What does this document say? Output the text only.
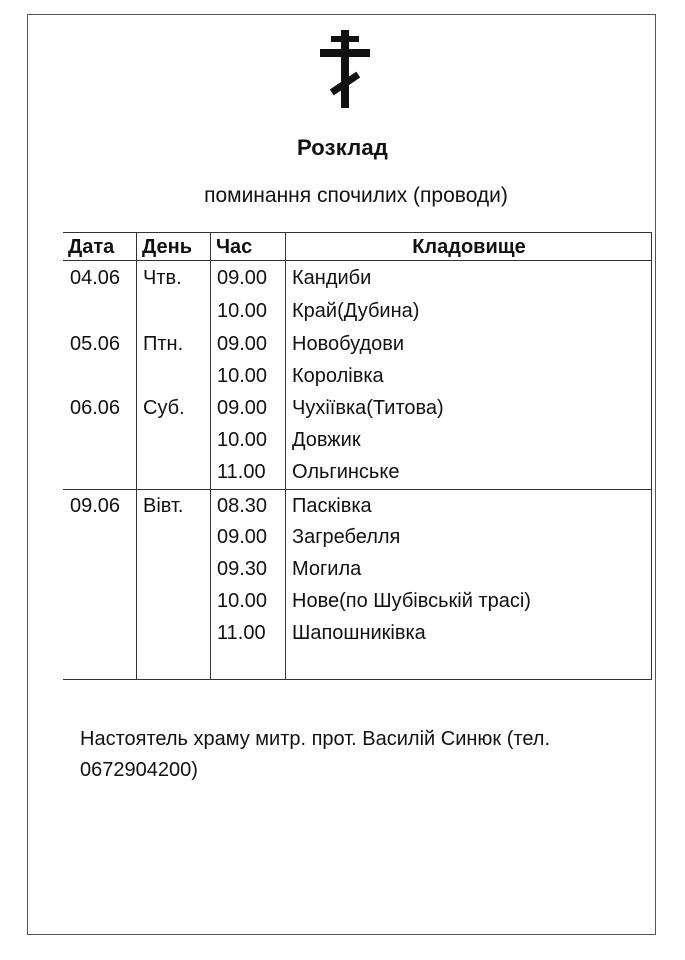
Розклад
поминання спочилих (проводи)
Дата День Час	Кладовище
04.06 Чтв. 09.00 Кандиби
10.00 Край(Дубина)
05.06 Птн. 09.00 Новобудови
10.00 Королівка
06.06 Суб. 09.00 Чухіївка(Титова)
10.00 Довжик
11.00 Ольгинське
09.06 Вівт. 08.30 Пасківка
09.00 Загребелля
09.30 Могила
10.00 Нове(по Шубівській трасі)
11.00 Шапошниківка
Настоятель храму митр. прот. Василій Синюк (тел.
0672904200)
